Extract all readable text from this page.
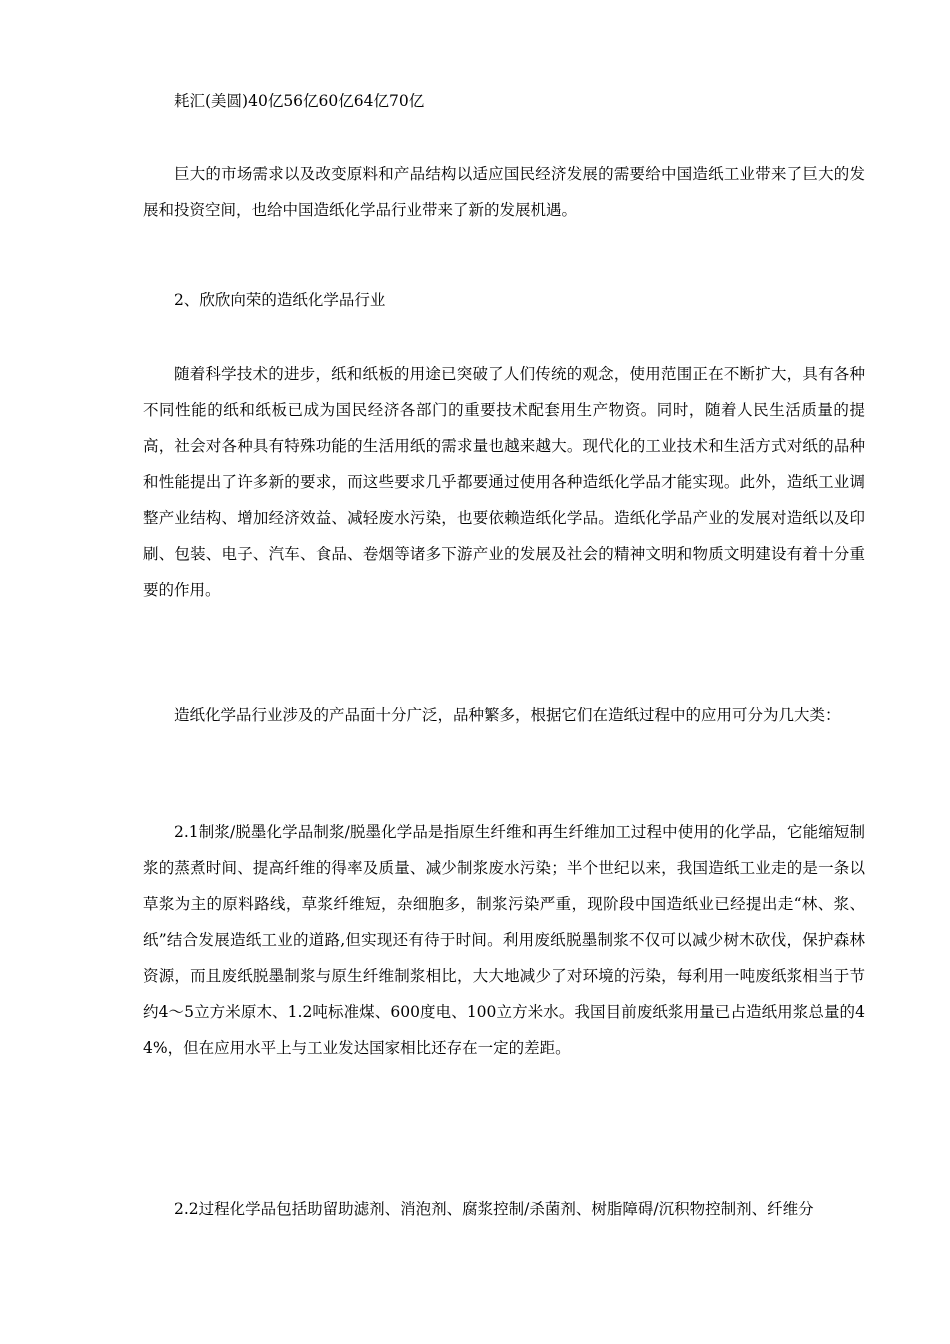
耗汇(美圆)40亿56亿60亿64亿70亿

巨大的市场需求以及改变原料和产品结构以适应国民经济发展的需要给中国造纸工业带来了巨大的发展和投资空间，也给中国造纸化学品行业带来了新的发展机遇。

2、欣欣向荣的造纸化学品行业

随着科学技术的进步，纸和纸板的用途已突破了人们传统的观念，使用范围正在不断扩大，具有各种不同性能的纸和纸板已成为国民经济各部门的重要技术配套用生产物资。同时，随着人民生活质量的提高，社会对各种具有特殊功能的生活用纸的需求量也越来越大。现代化的工业技术和生活方式对纸的品种和性能提出了许多新的要求，而这些要求几乎都要通过使用各种造纸化学品才能实现。此外，造纸工业调整产业结构、增加经济效益、减轻废水污染，也要依赖造纸化学品。造纸化学品产业的发展对造纸以及印刷、包装、电子、汽车、食品、卷烟等诸多下游产业的发展及社会的精神文明和物质文明建设有着十分重要的作用。

造纸化学品行业涉及的产品面十分广泛，品种繁多，根据它们在造纸过程中的应用可分为几大类：

2.1制浆/脱墨化学品制浆/脱墨化学品是指原生纤维和再生纤维加工过程中使用的化学品，它能缩短制浆的蒸煮时间、提高纤维的得率及质量、减少制浆废水污染；半个世纪以来，我国造纸工业走的是一条以草浆为主的原料路线，草浆纤维短，杂细胞多，制浆污染严重，现阶段中国造纸业已经提出走“林、浆、纸”结合发展造纸工业的道路,但实现还有待于时间。利用废纸脱墨制浆不仅可以减少树木砍伐，保护森林资源，而且废纸脱墨制浆与原生纤维制浆相比，大大地减少了对环境的污染，每利用一吨废纸浆相当于节约4～5立方米原木、1.2吨标准煤、600度电、100立方米水。我国目前废纸浆用量已占造纸用浆总量的44%，但在应用水平上与工业发达国家相比还存在一定的差距。

2.2过程化学品包括助留助滤剂、消泡剂、腐浆控制/杀菌剂、树脂障碍/沉积物控制剂、纤维分
